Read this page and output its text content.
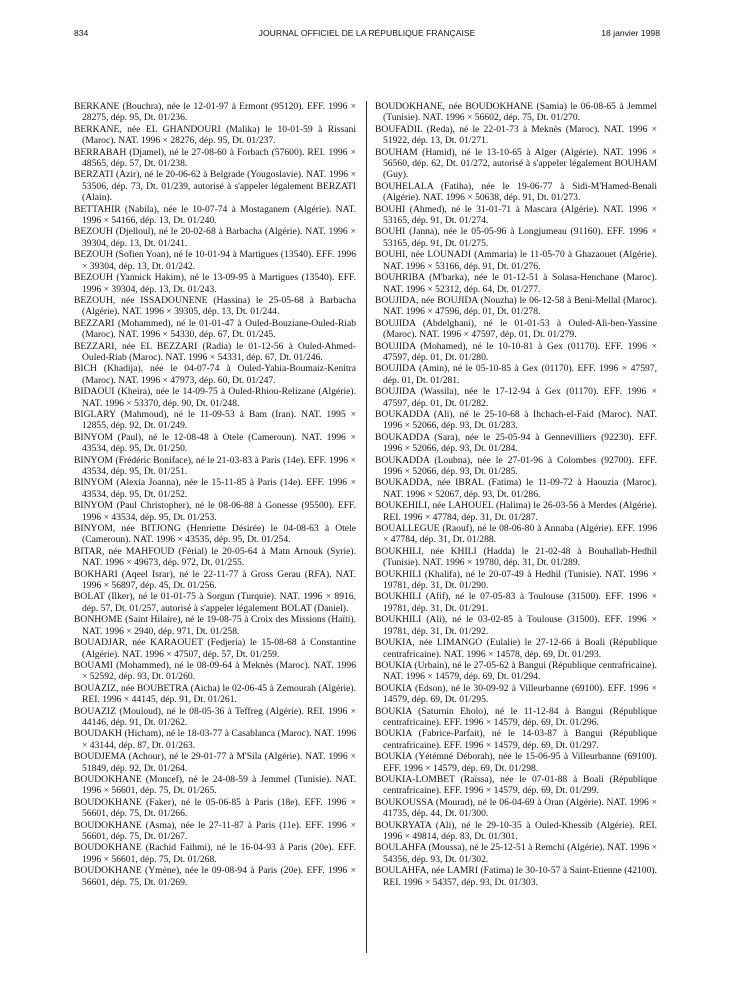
834	JOURNAL OFFICIEL DE LA RÉPUBLIQUE FRANÇAISE	18 janvier 1998

BERKANE (Bouchra), née le 12-01-97 à Ermont (95120). EFF. 1996 × 28275, dép. 95, Dt. 01/236.

BERKANE, née EL GHANDOURI (Malika) le 10-01-59 à Rissani (Maroc). NAT. 1996 × 28276, dép. 95, Dt. 01/237.

BERRABAH (Djamel), né le 27-08-60 à Forbach (57600). REI. 1996 × 48565, dép. 57, Dt. 01/238.

BERZATI (Azir), né le 20-06-62 à Belgrade (Yougoslavie). NAT. 1996 × 53506, dép. 73, Dt. 01/239, autorisé à s'appeler légalement BERZATI (Alain).

BETTAHIR (Nabila), née le 10-07-74 à Mostaganem (Algérie). NAT. 1996 × 54166, dép. 13, Dt. 01/240.

BEZOUH (Djelloul), né le 20-02-68 à Barbacha (Algérie). NAT. 1996 × 39304, dép. 13, Dt. 01/241.

BEZOUH (Sofien Yoan), né le 10-01-94 à Martigues (13540). EFF. 1996 × 39304, dép. 13, Dt. 01/242.

BEZOUH (Yannick Hakim), né le 13-09-95 à Martigues (13540). EFF. 1996 × 39304, dép. 13, Dt. 01/243.

BEZOUH, née ISSADOUNENE (Hassina) le 25-05-68 à Barbacha (Algérie). NAT. 1996 × 39305, dép. 13, Dt. 01/244.

BEZZARI (Mohammed), né le 01-01-47 à Ouled-Bouziane-Ouled-Riab (Maroc). NAT. 1996 × 54330, dép. 67, Dt. 01/245.

BEZZARI, née EL BEZZARI (Radia) le 01-12-56 à Ouled-Ahmed-Ouled-Riab (Maroc). NAT. 1996 × 54331, dép. 67, Dt. 01/246.

BICH (Khadija), née le 04-07-74 à Ouled-Yahia-Boumaiz-Kenitra (Maroc). NAT. 1996 × 47973, dép. 60, Dt. 01/247.

BIDAOUI (Kheira), née le 14-09-75 à Ouled-Rhiou-Relizane (Algérie). NAT. 1996 × 53370, dép. 90, Dt. 01/248.

BIGLARY (Mahmoud), né le 11-09-53 à Bam (Iran). NAT. 1995 × 12855, dép. 92, Dt. 01/249.

BINYOM (Paul), né le 12-08-48 à Otele (Cameroun). NAT. 1996 × 43534, dép. 95, Dt. 01/250.

BINYOM (Frédéric Boniface), né le 21-03-83 à Paris (14e). EFF. 1996 × 43534, dép. 95, Dt. 01/251.

BINYOM (Alexia Joanna), née le 15-11-85 à Paris (14e). EFF. 1996 × 43534, dép. 95, Dt. 01/252.

BINYOM (Paul Christopher), né le 08-06-88 à Gonesse (95500). EFF. 1996 × 43534, dép. 95, Dt. 01/253.

BINYOM, née BITJONG (Henriette Désirée) le 04-08-63 à Otele (Cameroun). NAT. 1996 × 43535, dép. 95, Dt. 01/254.

BITAR, née MAHFOUD (Férial) le 20-05-64 à Matn Arnouk (Syrie). NAT. 1996 × 49673, dép. 972, Dt. 01/255.

BOKHARI (Aqeel Israr), né le 22-11-77 à Gross Gerau (RFA). NAT. 1996 × 56897, dép. 45, Dt. 01/256.

BOLAT (Ilker), né le 01-01-75 à Sorgun (Turquie). NAT. 1996 × 8916, dép. 57, Dt. 01/257, autorisé à s'appeler légalement BOLAT (Daniel).

BONHOME (Saint Hilaire), né le 19-08-75 à Croix des Missions (Haïti). NAT. 1996 × 2940, dép. 971, Dt. 01/258.

BOUADJAR, née KARAOUET (Fedjeria) le 15-08-68 à Constantine (Algérie). NAT. 1996 × 47507, dép. 57, Dt. 01/259.

BOUAMI (Mohammed), né le 08-09-64 à Meknès (Maroc). NAT. 1996 × 52592, dép. 93, Dt. 01/260.

BOUAZIZ, née BOUBETRA (Aicha) le 02-06-45 à Zemourah (Algérie). REI. 1996 × 44145, dép. 91, Dt. 01/261.

BOUAZIZ (Mouloud), né le 08-05-36 à Teffreg (Algérie). REI. 1996 × 44146, dép. 91, Dt. 01/262.

BOUDAKH (Hicham), né le 18-03-77 à Casablanca (Maroc). NAT. 1996 × 43144, dép. 87, Dt. 01/263.

BOUDJEMA (Achour), né le 29-01-77 à M'Sila (Algérie). NAT. 1996 × 51849, dép. 92, Dt. 01/264.

BOUDOKHANE (Moncef), né le 24-08-59 à Jemmel (Tunisie). NAT. 1996 × 56601, dép. 75, Dt. 01/265.

BOUDOKHANE (Faker), né le 05-06-85 à Paris (18e). EFF. 1996 × 56601, dép. 75, Dt. 01/266.

BOUDOKHANE (Asma), née le 27-11-87 à Paris (11e). EFF. 1996 × 56601, dép. 75, Dt. 01/267.

BOUDOKHANE (Rachid Faihmi), né le 16-04-93 à Paris (20e). EFF. 1996 × 56601, dép. 75, Dt. 01/268.

BOUDOKHANE (Ymène), née le 09-08-94 à Paris (20e). EFF. 1996 × 56601, dép. 75, Dt. 01/269.

BOUDOKHANE, née BOUDOKHANE (Samia) le 06-08-65 à Jemmel (Tunisie). NAT. 1996 × 56602, dép. 75, Dt. 01/270.

BOUFADIL (Reda), né le 22-01-73 à Meknès (Maroc). NAT. 1996 × 51922, dép. 13, Dt. 01/271.

BOUHAM (Hamid), né le 13-10-65 à Alger (Algérie). NAT. 1996 × 56560, dép. 62, Dt. 01/272, autorisé à s'appeler légalement BOUHAM (Guy).

BOUHELALA (Fatiha), née le 19-06-77 à Sidi-M'Hamed-Benali (Algérie). NAT. 1996 × 50638, dép. 91, Dt. 01/273.

BOUHI (Ahmed), né le 31-01-71 à Mascara (Algérie). NAT. 1996 × 53165, dép. 91, Dt. 01/274.

BOUHI (Janna), née le 05-05-96 à Longjumeau (91160). EFF. 1996 × 53165, dép. 91, Dt. 01/275.

BOUHI, née LOUNADI (Ammaria) le 11-05-70 à Ghazaouet (Algérie). NAT. 1996 × 53166, dép. 91, Dt. 01/276.

BOUHRIBA (M'barka), née le 01-12-51 à Solasa-Henchane (Maroc). NAT. 1996 × 52312, dép. 64, Dt. 01/277.

BOUJIDA, née BOUJIDA (Nouzha) le 06-12-58 à Beni-Mellal (Maroc). NAT. 1996 × 47596, dép. 01, Dt. 01/278.

BOUJIDA (Abdelghani), né le 01-01-53 à Ouled-Ali-ben-Yassine (Maroc). NAT. 1996 × 47597, dép. 01, Dt. 01/279.

BOUJIDA (Mohamed), né le 10-10-81 à Gex (01170). EFF. 1996 × 47597, dép. 01, Dt. 01/280.

BOUJIDA (Amin), né le 05-10-85 à Gex (01170). EFF. 1996 × 47597, dép. 01, Dt. 01/281.

BOUJIDA (Wassila), née le 17-12-94 à Gex (01170). EFF. 1996 × 47597, dép. 01, Dt. 01/282.

BOUKADDA (Ali), né le 25-10-68 à Ihchach-el-Faid (Maroc). NAT. 1996 × 52066, dép. 93, Dt. 01/283.

BOUKADDA (Sara), née le 25-05-94 à Gennevilliers (92230). EFF. 1996 × 52066, dép. 93, Dt. 01/284.

BOUKADDA (Loubna), née le 27-01-96 à Colombes (92700). EFF. 1996 × 52066, dép. 93, Dt. 01/285.

BOUKADDA, née IBRAL (Fatima) le 11-09-72 à Haouzia (Maroc). NAT. 1996 × 52067, dép. 93, Dt. 01/286.

BOUKEHILI, née LAHOUEL (Halima) le 26-03-56 à Merdes (Algérie). REI. 1996 × 47784, dép. 31, Dt. 01/287.

BOUALLEGUE (Raouf), né le 08-06-80 à Annaba (Algérie). EFF. 1996 × 47784, dép. 31, Dt. 01/288.

BOUKHILI, née KHILI (Hadda) le 21-02-48 à Bouhallab-Hedhil (Tunisie). NAT. 1996 × 19780, dép. 31, Dt. 01/289.

BOUKHILI (Khalifa), né le 20-07-49 à Hedhil (Tunisie). NAT. 1996 × 19781, dép. 31, Dt. 01/290.

BOUKHILI (Afif), né le 07-05-83 à Toulouse (31500). EFF. 1996 × 19781, dép. 31, Dt. 01/291.

BOUKHILI (Ali), né le 03-02-85 à Toulouse (31500). EFF. 1996 × 19781, dép. 31, Dt. 01/292.

BOUKIA, née LIMANGO (Eulalie) le 27-12-66 à Boali (République centrafricaine). NAT. 1996 × 14578, dép. 69, Dt. 01/293.

BOUKIA (Urbain), né le 27-05-62 à Bangui (République centrafricaine). NAT. 1996 × 14579, dép. 69, Dt. 01/294.

BOUKIA (Edson), né le 30-09-92 à Villeurbanne (69100). EFF. 1996 × 14579, dép. 69, Dt. 01/295.

BOUKIA (Saturnin Eholo), né le 11-12-84 à Bangui (République centrafricaine). EFF. 1996 × 14579, dép. 69, Dt. 01/296.

BOUKIA (Fabrice-Parfait), né le 14-03-87 à Bangui (République centrafricaine). EFF. 1996 × 14579, dép. 69, Dt. 01/297.

BOUKIA (Yétémné Déborah), née le 15-06-95 à Villeurbanne (69100). EFF. 1996 × 14579, dép. 69, Dt. 01/298.

BOUKIA-LOMBET (Raïssa), née le 07-01-88 à Boali (République centrafricaine). EFF. 1996 × 14579, dép. 69, Dt. 01/299.

BOUKOUSSA (Mourad), né le 06-04-69 à Oran (Algérie). NAT. 1996 × 41735, dép. 44, Dt. 01/300.

BOUKRYATA (Ali), né le 29-10-35 à Ouled-Khessib (Algérie). REI. 1996 × 49814, dép. 83, Dt. 01/301.

BOULAHFA (Moussa), né le 25-12-51 à Remchi (Algérie). NAT. 1996 × 54356, dép. 93, Dt. 01/302.

BOULAHFA, née LAMRI (Fatima) le 30-10-57 à Saint-Etienne (42100). REI. 1996 × 54357, dép. 93, Dt. 01/303.
